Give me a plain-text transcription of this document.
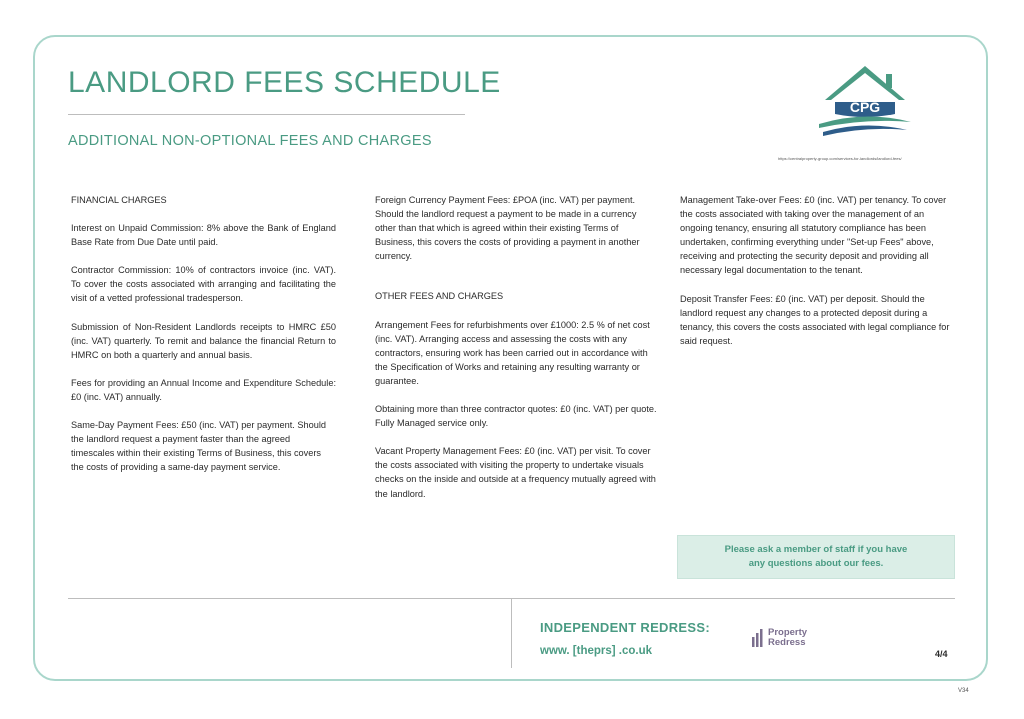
LANDLORD FEES SCHEDULE
ADDITIONAL NON-OPTIONAL FEES AND CHARGES
CPG
https://centralproperty-group.com/services-for-landlords/landlord-fees/

FINANCIAL CHARGES

Interest on Unpaid Commission: 8% above the Bank of England Base Rate from Due Date until paid.

Contractor Commission: 10% of contractors invoice (inc. VAT). To cover the costs associated with arranging and facilitating the visit of a vetted professional tradesperson.

Submission of Non-Resident Landlords receipts to HMRC £50 (inc. VAT) quarterly. To remit and balance the financial Return to HMRC on both a quarterly and annual basis.

Fees for providing an Annual Income and Expenditure Schedule: £0 (inc. VAT) annually.

Same-Day Payment Fees: £50 (inc. VAT) per payment. Should the landlord request a payment faster than the agreed timescales within their existing Terms of Business, this covers the costs of providing a same-day payment service.

Foreign Currency Payment Fees: £POA (inc. VAT) per payment. Should the landlord request a payment to be made in a currency other than that which is agreed within their existing Terms of Business, this covers the costs of providing a payment in another currency.

OTHER FEES AND CHARGES

Arrangement Fees for refurbishments over £1000: 2.5 % of net cost (inc. VAT). Arranging access and assessing the costs with any contractors, ensuring work has been carried out in accordance with the Specification of Works and retaining any resulting warranty or guarantee.

Obtaining more than three contractor quotes: £0 (inc. VAT) per quote. Fully Managed service only.

Vacant Property Management Fees: £0 (inc. VAT) per visit. To cover the costs associated with visiting the property to undertake visuals checks on the inside and outside at a frequency mutually agreed with the landlord.

Management Take-over Fees: £0 (inc. VAT) per tenancy. To cover the costs associated with taking over the management of an ongoing tenancy, ensuring all statutory compliance has been undertaken, confirming everything under "Set-up Fees" above, receiving and protecting the security deposit and providing all necessary legal documentation to the tenant.

Deposit Transfer Fees: £0 (inc. VAT) per deposit. Should the landlord request any changes to a protected deposit during a tenancy, this covers the costs associated with legal compliance for said request.

Please ask a member of staff if you have
any questions about our fees.
INDEPENDENT REDRESS:
www. [theprs] .co.uk
Property
Redress
4/4
V34
